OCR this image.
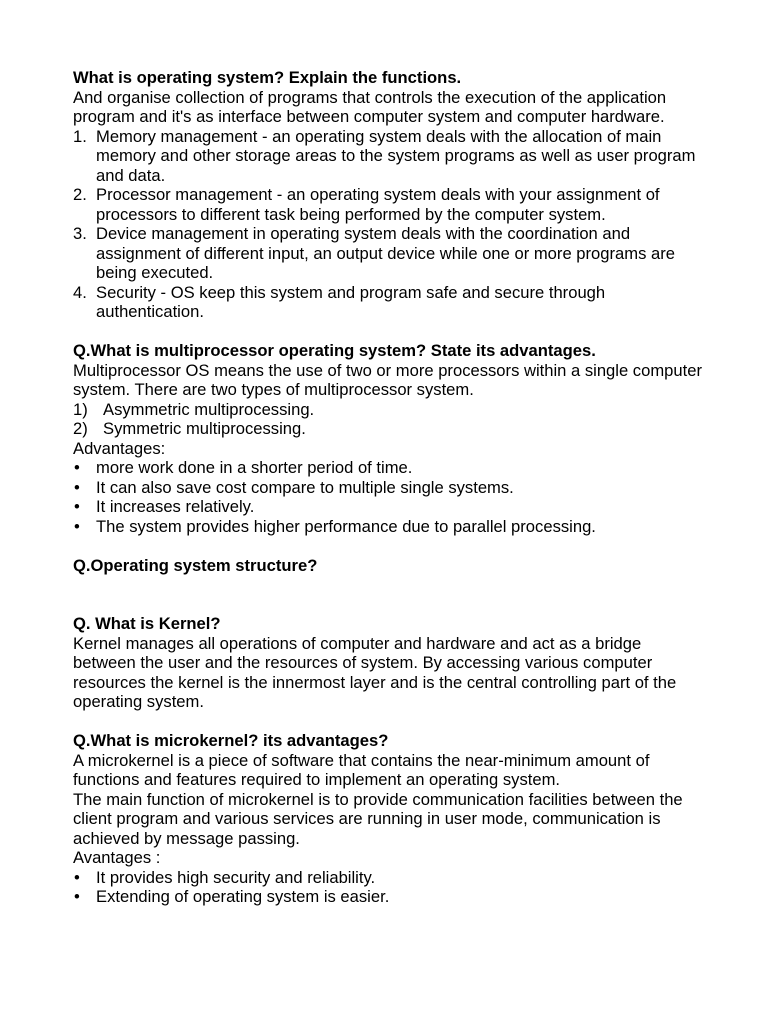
What is operating system? Explain the functions.

And organise collection of programs that controls the execution of the application program and it's as interface between computer system and computer hardware.

1. Memory management - an operating system deals with the allocation of main memory and other storage areas to the system programs as well as user program and data.
2. Processor management - an operating system deals with your assignment of processors to different task being performed by the computer system.
3. Device management in operating system deals with the coordination and assignment of different input, an output device while one or more programs are being executed.
4. Security - OS keep this system and program safe and secure through authentication.

Q.What is multiprocessor operating system? State its advantages.

Multiprocessor OS means the use of two or more processors within a single computer system. There are two types of multiprocessor system.

1) Asymmetric multiprocessing.
2) Symmetric multiprocessing.

Advantages:

• more work done in a shorter period of time.
• It can also save cost compare to multiple single systems.
• It increases relatively.
• The system provides higher performance due to parallel processing.

Q.Operating system structure?

Q. What is Kernel?

Kernel manages all operations of computer and hardware and act as a bridge between the user and the resources of system. By accessing various computer resources the kernel is the innermost layer and is the central controlling part of the operating system.

Q.What is microkernel? its advantages?

A microkernel is a piece of software that contains the near-minimum amount of functions and features required to implement an operating system.

The main function of microkernel is to provide communication facilities between the client program and various services are running in user mode, communication is achieved by message passing.

Avantages :

• It provides high security and reliability.
• Extending of operating system is easier.
